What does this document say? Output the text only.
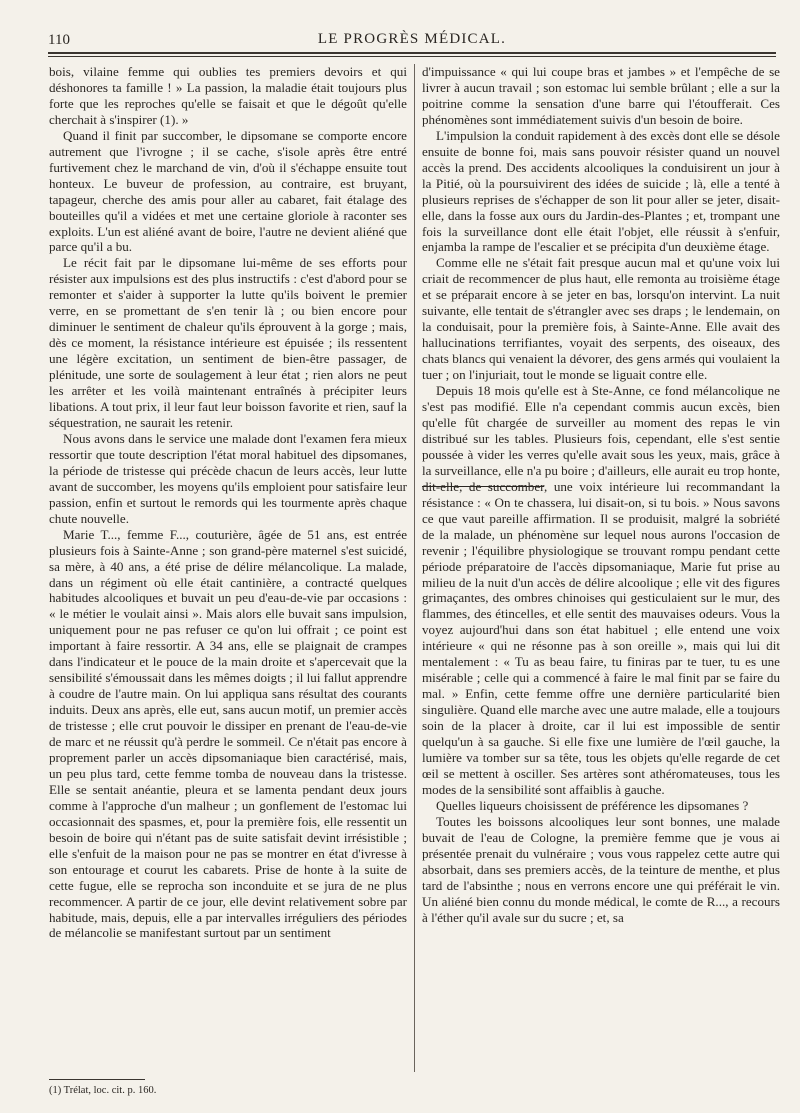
110	LE PROGRÈS MÉDICAL.

bois, vilaine femme qui oublies tes premiers devoirs et qui déshonores ta famille ! » La passion, la maladie était toujours plus forte que les reproches qu'elle se faisait et que le dégoût qu'elle cherchait à s'inspirer (1). »

Quand il finit par succomber, le dipsomane se comporte encore autrement que l'ivrogne ; il se cache, s'isole après être entré furtivement chez le marchand de vin, d'où il s'échappe ensuite tout honteux. Le buveur de profession, au contraire, est bruyant, tapageur, cherche des amis pour aller au cabaret, fait étalage des bouteilles qu'il a vidées et met une certaine gloriole à raconter ses exploits. L'un est aliéné avant de boire, l'autre ne devient aliéné que parce qu'il a bu.

Le récit fait par le dipsomane lui-même de ses efforts pour résister aux impulsions est des plus instructifs : c'est d'abord pour se remonter et s'aider à supporter la lutte qu'ils boivent le premier verre, en se promettant de s'en tenir là ; ou bien encore pour diminuer le sentiment de chaleur qu'ils éprouvent à la gorge ; mais, dès ce moment, la résistance intérieure est épuisée ; ils ressentent une légère excitation, un sentiment de bien-être passager, de plénitude, une sorte de soulagement à leur état ; rien alors ne peut les arrêter et les voilà maintenant entraînés à précipiter leurs libations. A tout prix, il leur faut leur boisson favorite et rien, sauf la séquestration, ne saurait les retenir.

Nous avons dans le service une malade dont l'examen fera mieux ressortir que toute description l'état moral habituel des dipsomanes, la période de tristesse qui précède chacun de leurs accès, leur lutte avant de succomber, les moyens qu'ils emploient pour satisfaire leur passion, enfin et surtout le remords qui les tourmente après chaque chute nouvelle.

Marie T..., femme F..., couturière, âgée de 51 ans, est entrée plusieurs fois à Sainte-Anne ; son grand-père maternel s'est suicidé, sa mère, à 40 ans, a été prise de délire mélancolique. La malade, dans un régiment où elle était cantinière, a contracté quelques habitudes alcooliques et buvait un peu d'eau-de-vie par occasions : « le métier le voulait ainsi ». Mais alors elle buvait sans impulsion, uniquement pour ne pas refuser ce qu'on lui offrait ; ce point est important à faire ressortir. A 34 ans, elle se plaignait de crampes dans l'indicateur et le pouce de la main droite et s'apercevait que la sensibilité s'émoussait dans les mêmes doigts ; il lui fallut apprendre à coudre de l'autre main. On lui appliqua sans résultat des courants induits. Deux ans après, elle eut, sans aucun motif, un premier accès de tristesse ; elle crut pouvoir le dissiper en prenant de l'eau-de-vie de marc et ne réussit qu'à perdre le sommeil. Ce n'était pas encore à proprement parler un accès dipsomaniaque bien caractérisé, mais, un peu plus tard, cette femme tomba de nouveau dans la tristesse. Elle se sentait anéantie, pleura et se lamenta pendant deux jours comme à l'approche d'un malheur ; un gonflement de l'estomac lui occasionnait des spasmes, et, pour la première fois, elle ressentit un besoin de boire qui n'étant pas de suite satisfait devint irrésistible ; elle s'enfuit de la maison pour ne pas se montrer en état d'ivresse à son entourage et courut les cabarets. Prise de honte à la suite de cette fugue, elle se reprocha son inconduite et se jura de ne plus recommencer. A partir de ce jour, elle devint relativement sobre par habitude, mais, depuis, elle a par intervalles irréguliers des périodes de mélancolie se manifestant surtout par un sentiment

d'impuissance « qui lui coupe bras et jambes » et l'empêche de se livrer à aucun travail ; son estomac lui semble brûlant ; elle a sur la poitrine comme la sensation d'une barre qui l'étoufferait. Ces phénomènes sont immédiatement suivis d'un besoin de boire.

L'impulsion la conduit rapidement à des excès dont elle se désole ensuite de bonne foi, mais sans pouvoir résister quand un nouvel accès la prend. Des accidents alcooliques la conduisirent un jour à la Pitié, où la poursuivirent des idées de suicide ; là, elle a tenté à plusieurs reprises de s'échapper de son lit pour aller se jeter, disait-elle, dans la fosse aux ours du Jardin-des-Plantes ; et, trompant une fois la surveillance dont elle était l'objet, elle réussit à s'enfuir, enjamba la rampe de l'escalier et se précipita d'un deuxième étage.

Comme elle ne s'était fait presque aucun mal et qu'une voix lui criait de recommencer de plus haut, elle remonta au troisième étage et se préparait encore à se jeter en bas, lorsqu'on intervint. La nuit suivante, elle tentait de s'étrangler avec ses draps ; le lendemain, on la conduisait, pour la première fois, à Sainte-Anne. Elle avait des hallucinations terrifiantes, voyait des serpents, des oiseaux, des chats blancs qui venaient la dévorer, des gens armés qui voulaient la tuer ; on l'injuriait, tout le monde se liguait contre elle.

Depuis 18 mois qu'elle est à Ste-Anne, ce fond mélancolique ne s'est pas modifié. Elle n'a cependant commis aucun excès, bien qu'elle fût chargée de surveiller au moment des repas le vin distribué sur les tables. Plusieurs fois, cependant, elle s'est sentie poussée à vider les verres qu'elle avait sous les yeux, mais, grâce à la surveillance, elle n'a pu boire ; d'ailleurs, elle aurait eu trop honte, dit-elle, de succomber, une voix intérieure lui recommandant la résistance : « On te chassera, lui disait-on, si tu bois. » Nous savons ce que vaut pareille affirmation. Il se produisit, malgré la sobriété de la malade, un phénomène sur lequel nous aurons l'occasion de revenir ; l'équilibre physiologique se trouvant rompu pendant cette période préparatoire de l'accès dipsomaniaque, Marie fut prise au milieu de la nuit d'un accès de délire alcoolique ; elle vit des figures grimaçantes, des ombres chinoises qui gesticulaient sur le mur, des flammes, des étincelles, et elle sentit des mauvaises odeurs. Vous la voyez aujourd'hui dans son état habituel ; elle entend une voix intérieure « qui ne résonne pas à son oreille », mais qui lui dit mentalement : « Tu as beau faire, tu finiras par te tuer, tu es une misérable ; celle qui a commencé à faire le mal finit par se faire du mal. » Enfin, cette femme offre une dernière particularité bien singulière. Quand elle marche avec une autre malade, elle a toujours soin de la placer à droite, car il lui est impossible de sentir quelqu'un à sa gauche. Si elle fixe une lumière de l'œil gauche, la lumière va tomber sur sa tête, tous les objets qu'elle regarde de cet œil se mettent à osciller. Ses artères sont athéromateuses, tous les modes de la sensibilité sont affaiblis à gauche.

Quelles liqueurs choisissent de préférence les dipsomanes ?

Toutes les boissons alcooliques leur sont bonnes, une malade buvait de l'eau de Cologne, la première femme que je vous ai présentée prenait du vulnéraire ; vous vous rappelez cette autre qui absorbait, dans ses premiers accès, de la teinture de menthe, et plus tard de l'absinthe ; nous en verrons encore une qui préférait le vin. Un aliéné bien connu du monde médical, le comte de R..., a recours à l'éther qu'il avale sur du sucre ; et, sa

(1) Trélat, loc. cit. p. 160.
